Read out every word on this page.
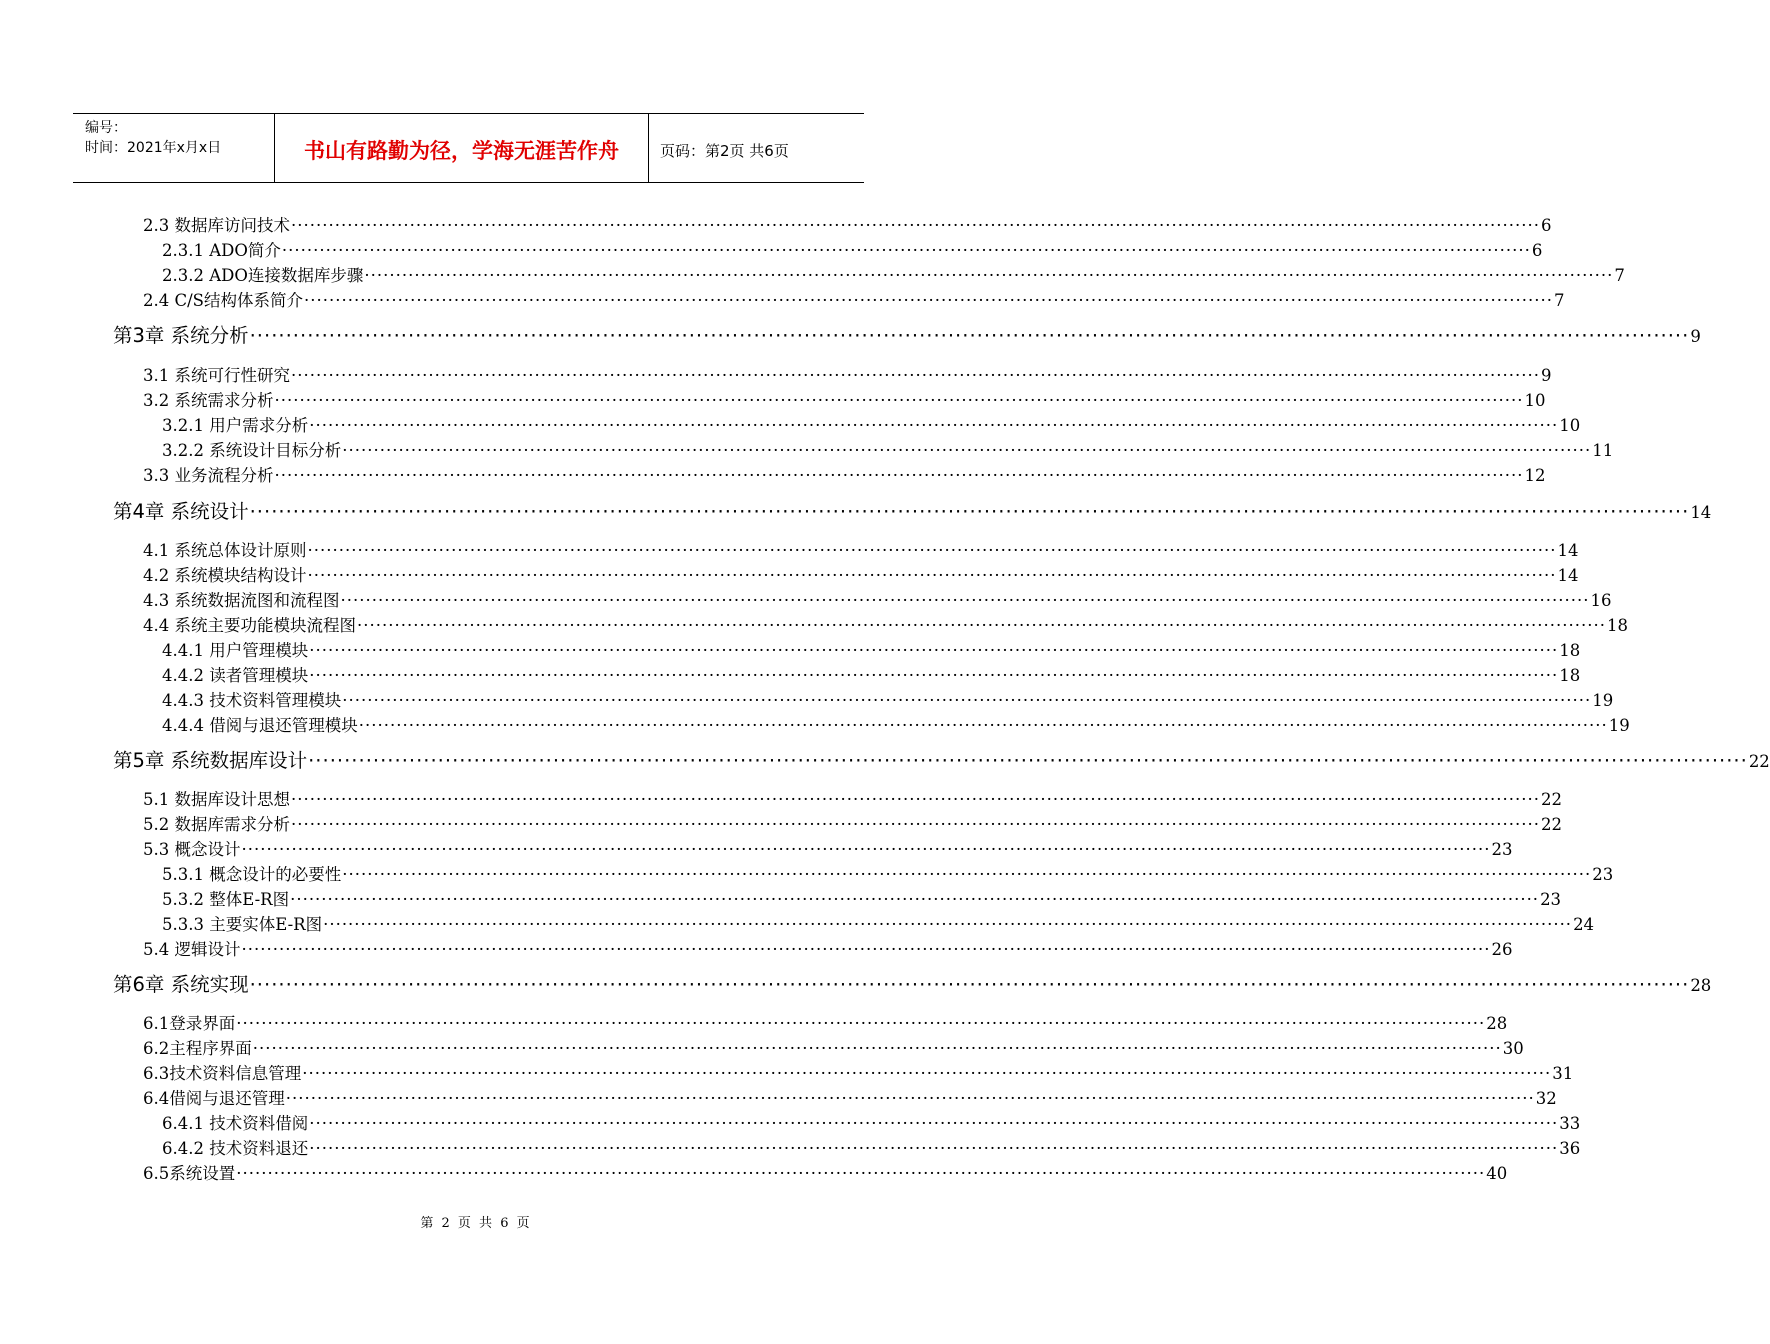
编号：
时间：2021年x月x日	书山有路勤为径，学海无涯苦作舟	页码：第2页 共6页
2.3 数据库访问技术 ········································································································································································································ 6
2.3.1 ADO简介 ········································································································································································································ 6
2.3.2 ADO连接数据库步骤 ········································································································································································································ 7
2.4 C/S结构体系简介 ········································································································································································································ 7
第3章 系统分析 ········································································································································································································ 9
3.1 系统可行性研究 ········································································································································································································ 9
3.2 系统需求分析 ········································································································································································································ 10
3.2.1 用户需求分析 ········································································································································································································ 10
3.2.2 系统设计目标分析 ········································································································································································································ 11
3.3 业务流程分析 ········································································································································································································ 12
第4章 系统设计 ········································································································································································································ 14
4.1 系统总体设计原则 ········································································································································································································ 14
4.2 系统模块结构设计 ········································································································································································································ 14
4.3 系统数据流图和流程图 ········································································································································································································ 16
4.4 系统主要功能模块流程图 ········································································································································································································ 18
4.4.1 用户管理模块 ········································································································································································································ 18
4.4.2 读者管理模块 ········································································································································································································ 18
4.4.3 技术资料管理模块 ········································································································································································································ 19
4.4.4 借阅与退还管理模块 ········································································································································································································ 19
第5章 系统数据库设计 ········································································································································································································ 22
5.1 数据库设计思想 ········································································································································································································ 22
5.2 数据库需求分析 ········································································································································································································ 22
5.3 概念设计 ········································································································································································································ 23
5.3.1 概念设计的必要性 ········································································································································································································ 23
5.3.2 整体E-R图 ········································································································································································································ 23
5.3.3 主要实体E-R图 ········································································································································································································ 24
5.4 逻辑设计 ········································································································································································································ 26
第6章 系统实现 ········································································································································································································ 28
6.1登录界面 ········································································································································································································ 28
6.2主程序界面 ········································································································································································································ 30
6.3技术资料信息管理 ········································································································································································································ 31
6.4借阅与退还管理 ········································································································································································································ 32
6.4.1 技术资料借阅 ········································································································································································································ 33
6.4.2 技术资料退还 ········································································································································································································ 36
6.5系统设置 ········································································································································································································ 40
第 2 页 共 6 页
